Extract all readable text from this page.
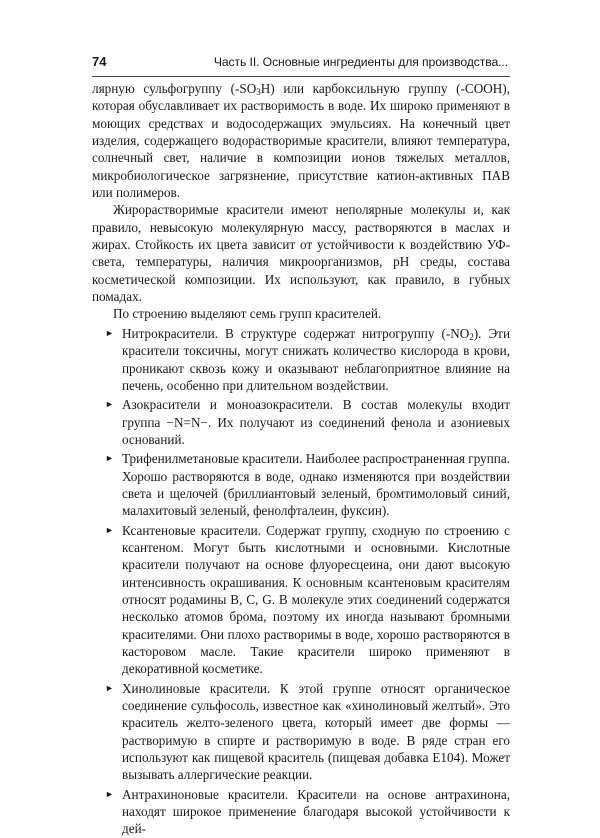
74	Часть II. Основные ингредиенты для производства...

лярную сульфогруппу $(-SO_3H)$ или карбоксильную группу (-COOH), которая обуславливает их растворимость в воде. Их широко применяют в моющих средствах и водосодержащих эмульсиях. На конечный цвет изделия, содержащего водорастворимые красители, влияют температура, солнечный свет, наличие в композиции ионов тяжелых металлов, микробиологическое загрязнение, присутствие катион-активных ПАВ или полимеров.

Жирорастворимые красители имеют неполярные молекулы и, как правило, невысокую молекулярную массу, растворяются в маслах и жирах. Стойкость их цвета зависит от устойчивости к воздействию УФ-света, температуры, наличия микроорганизмов, pH среды, состава косметической композиции. Их используют, как правило, в губных помадах.

По строению выделяют семь групп красителей.

► Нитрокрасители. В структуре содержат нитрогруппу $(-NO_2)$. Эти красители токсичны, могут снижать количество кислорода в крови, проникают сквозь кожу и оказывают неблагоприятное влияние на печень, особенно при длительном воздействии.
► Азокрасители и моноазокрасители. В состав молекулы входит группа −N=N−. Их получают из соединений фенола и азониевых оснований.
► Трифенилметановые красители. Наиболее распространенная группа. Хорошо растворяются в воде, однако изменяются при воздействии света и щелочей (бриллиантовый зеленый, бромтимоловый синий, малахитовый зеленый, фенолфталеин, фуксин).
► Ксантеновые красители. Содержат группу, сходную по строению с ксантеном. Могут быть кислотными и основными. Кислотные красители получают на основе флуоресцеина, они дают высокую интенсивность окрашивания. К основным ксантеновым красителям относят родамины B, C, G. В молекуле этих соединений содержатся несколько атомов брома, поэтому их иногда называют бромными красителями. Они плохо растворимы в воде, хорошо растворяются в касторовом масле. Такие красители широко применяют в декоративной косметике.
► Хинолиновые красители. К этой группе относят органическое соединение сульфосоль, известное как «хинолиновый желтый». Это краситель желто-зеленого цвета, который имеет две формы — растворимую в спирте и растворимую в воде. В ряде стран его используют как пищевой краситель (пищевая добавка E104). Может вызывать аллергические реакции.
► Антрахиноновые красители. Красители на основе антрахинона, находят широкое применение благодаря высокой устойчивости к дей-
